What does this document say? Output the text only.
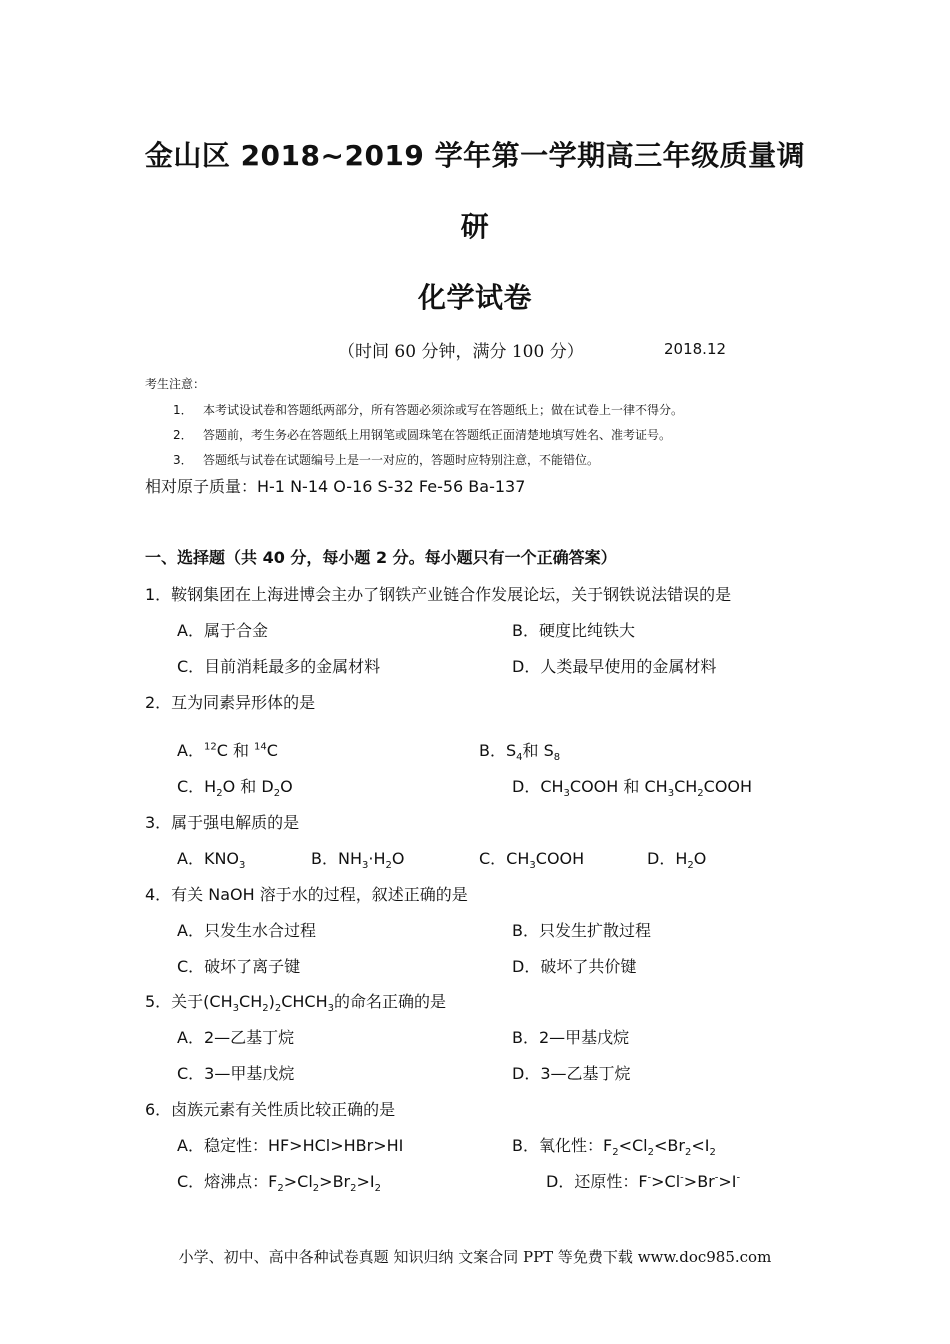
金山区 2018~2019 学年第一学期高三年级质量调
研
化学试卷
（时间 60 分钟，满分 100 分）	2018.12
考生注意：
1． 本考试设试卷和答题纸两部分，所有答题必须涂或写在答题纸上；做在试卷上一律不得分。
2． 答题前，考生务必在答题纸上用钢笔或圆珠笔在答题纸正面清楚地填写姓名、准考证号。
3． 答题纸与试卷在试题编号上是一一对应的，答题时应特别注意，不能错位。
相对原子质量：H-1 N-14 O-16 S-32 Fe-56 Ba-137
一、选择题（共 40 分，每小题 2 分。每小题只有一个正确答案）
1．鞍钢集团在上海进博会主办了钢铁产业链合作发展论坛，关于钢铁说法错误的是
A．属于合金	B．硬度比纯铁大
C．目前消耗最多的金属材料	D．人类最早使用的金属材料
2．互为同素异形体的是
A．$^{12}$C 和 $^{14}$C	B．$S_4$和 $S_8$
C．$H_2O$ 和 $D_2O$	D．$CH_3COOH$ 和 $CH_3CH_2COOH$
3．属于强电解质的是
A．$KNO_3$	B．$NH_3\cdot H_2O$	C．$CH_3COOH$	D．$H_2O$
4．有关 NaOH 溶于水的过程，叙述正确的是
A．只发生水合过程	B．只发生扩散过程
C．破坏了离子键	D．破坏了共价键
5．关于$(CH_3CH_2)_2CHCH_3$的命名正确的是
A．2—乙基丁烷	B．2—甲基戊烷
C．3—甲基戊烷	D．3—乙基丁烷
6．卤族元素有关性质比较正确的是
A．稳定性：HF>HCl>HBr>HI	B．氧化性：$F_2<Cl_2<Br_2<I_2$
C．熔沸点：$F_2>Cl_2>Br_2>I_2$	D．还原性：F->Cl->Br->I-
小学、初中、高中各种试卷真题 知识归纳 文案合同 PPT 等免费下载 www.doc985.com
